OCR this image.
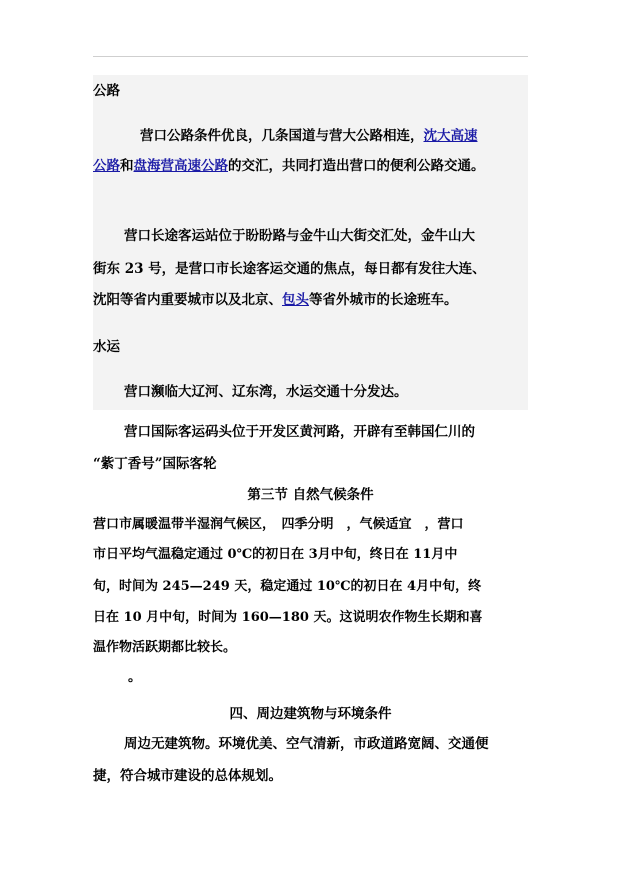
公路
营口公路条件优良，几条国道与营大公路相连，沈大高速
公路和盘海营高速公路的交汇，共同打造出营口的便利公路交通。
营口长途客运站位于盼盼路与金牛山大街交汇处，金牛山大
街东 23 号，是营口市长途客运交通的焦点，每日都有发往大连、
沈阳等省内重要城市以及北京、包头等省外城市的长途班车。
水运
营口濒临大辽河、辽东湾，水运交通十分发达。
营口国际客运码头位于开发区黄河路，开辟有至韩国仁川的
“紫丁香号”国际客轮
第三节 自然气候条件
营口市属暖温带半湿润气候区，　四季分明　，气候适宜　，营口
市日平均气温稳定通过 0℃的初日在 3月中旬，终日在 11月中
旬，时间为 245—249 天，稳定通过 10℃的初日在 4月中旬，终
日在 10 月中旬，时间为 160—180 天。这说明农作物生长期和喜
温作物活跃期都比较长。
。
四、周边建筑物与环境条件
周边无建筑物。环境优美、空气清新，市政道路宽阔、交通便
捷，符合城市建设的总体规划。
